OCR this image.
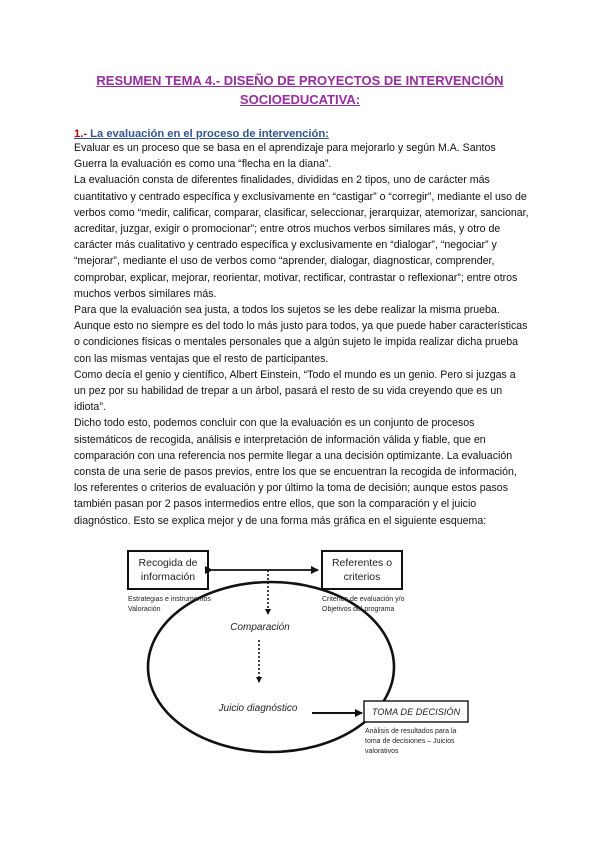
RESUMEN TEMA 4.- DISEÑO DE PROYECTOS DE INTERVENCIÓN
SOCIOEDUCATIVA:
1.- La evaluación en el proceso de intervención:

Evaluar es un proceso que se basa en el aprendizaje para mejorarlo y según M.A. Santos Guerra la evaluación es como una “flecha en la diana”.

La evaluación consta de diferentes finalidades, divididas en 2 tipos, uno de carácter más cuantitativo y centrado específica y exclusivamente en “castigar” o “corregir”, mediante el uso de verbos como “medir, calificar, comparar, clasificar, seleccionar, jerarquizar, atemorizar, sancionar, acreditar, juzgar, exigir o promocionar”; entre otros muchos verbos similares más, y otro de carácter más cualitativo y centrado específica y exclusivamente en “dialogar”, “negociar” y “mejorar”, mediante el uso de verbos como “aprender, dialogar, diagnosticar, comprender, comprobar, explicar, mejorar, reorientar, motivar, rectificar, contrastar o reflexionar”; entre otros muchos verbos similares más.

Para que la evaluación sea justa, a todos los sujetos se les debe realizar la misma prueba. Aunque esto no siempre es del todo lo más justo para todos, ya que puede haber características o condiciones físicas o mentales personales que a algún sujeto le impida realizar dicha prueba con las mismas ventajas que el resto de participantes.

Como decía el genio y científico, Albert Einstein, “Todo el mundo es un genio. Pero si juzgas a un pez por su habilidad de trepar a un árbol, pasará el resto de su vida creyendo que es un idiota”.

Dicho todo esto, podemos concluir con que la evaluación es un conjunto de procesos sistemáticos de recogida, análisis e interpretación de información válida y fiable, que en comparación con una referencia nos permite llegar a una decisión optimizante. La evaluación consta de una serie de pasos previos, entre los que se encuentran la recogida de información, los referentes o criterios de evaluación y por último la toma de decisión; aunque estos pasos también pasan por 2 pasos intermedios entre ellos, que son la comparación y el juicio diagnóstico. Esto se explica mejor y de una forma más gráfica en el siguiente esquema:

Recogida de
información
Estrategias e instrumentos
Valoración
Referentes o
criterios
Criterios de evaluación y/o
Objetivos del programa
Comparación
Juicio diagnóstico	TOMA DE DECISIÓN
Análisis de resultados para la
toma de decisiones – Juicios
valorativos
